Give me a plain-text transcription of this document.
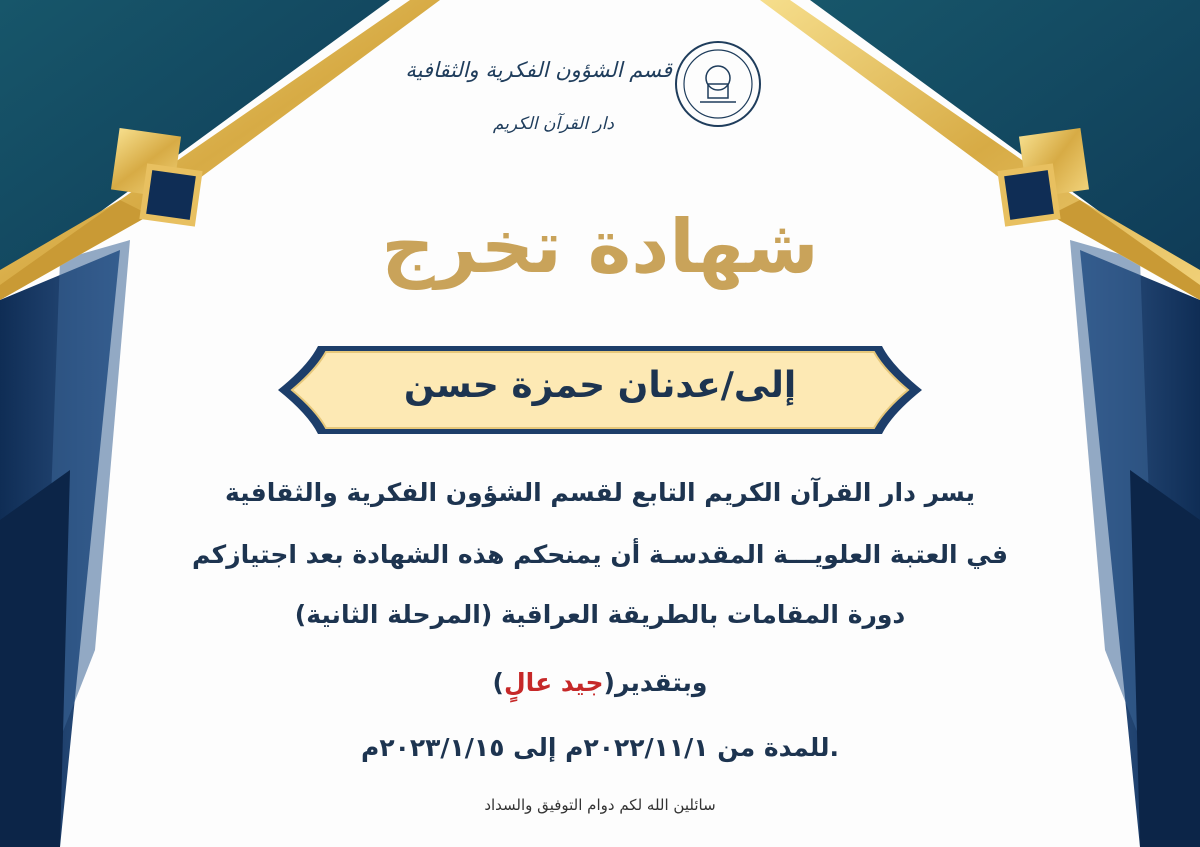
قسم الشؤون الفكرية والثقافية
دار القرآن الكريم
شهادة تخرج
إلى/عدنان حمزة حسن
يسر دار القرآن الكريم التابع لقسم الشؤون الفكرية والثقافية
في العتبة العلويـــة المقدسـة أن يمنحكم هذه الشهادة بعد اجتيازكم
دورة المقامات بالطريقة العراقية (المرحلة الثانية)
وبتقدير(جيد عالٍ)
للمدة من ٢٠٢٢/١١/١م إلى ٢٠٢٣/١/١٥م.
سائلين الله لكم دوام التوفيق والسداد
